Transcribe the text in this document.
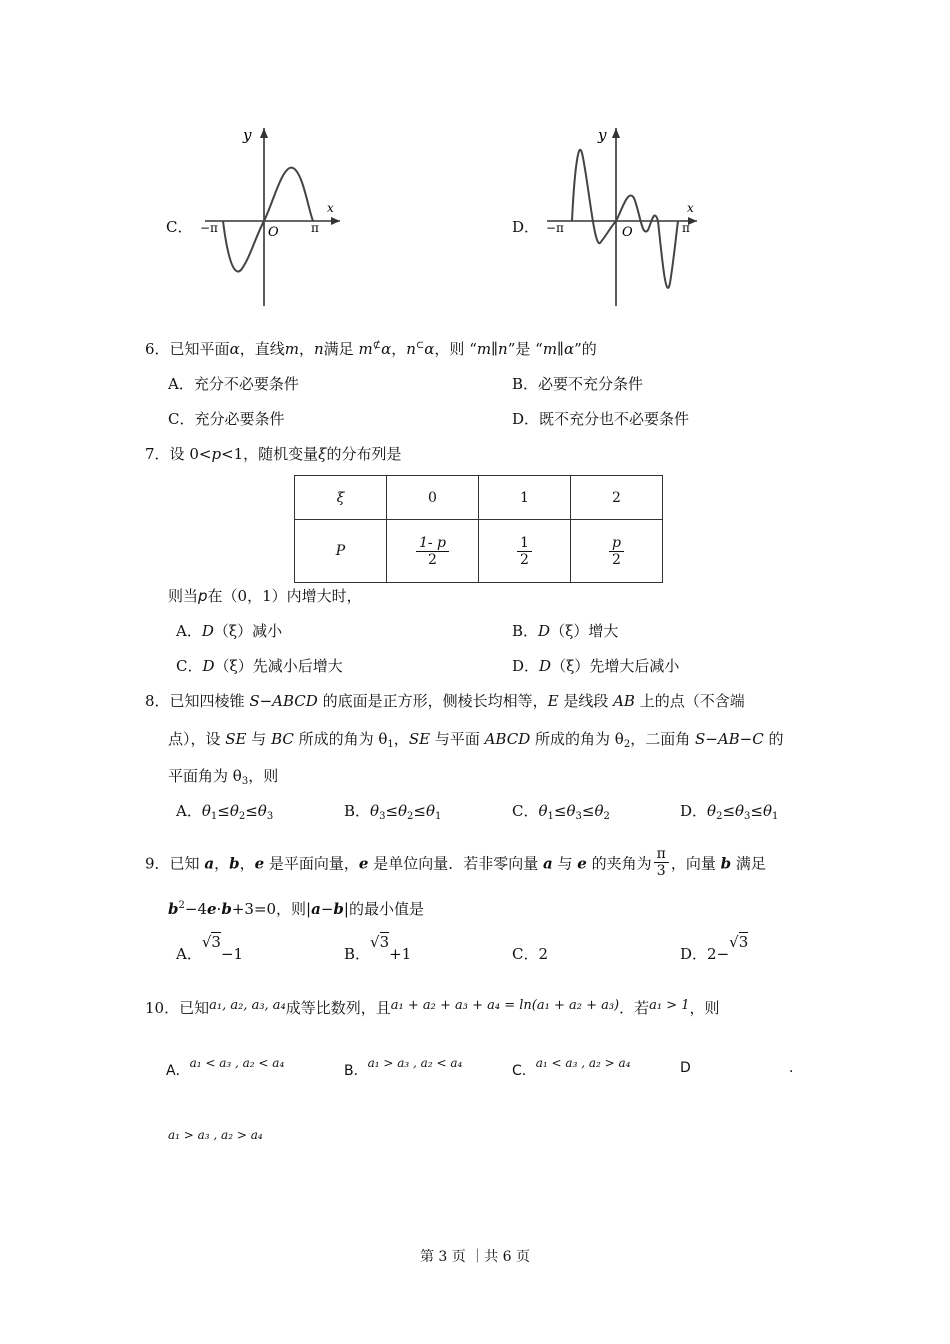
C．
y
x
−π	O	π	D．
y
x
−π	O	π
6．已知平面α，直线m，n满足 m⊄α，n⊂α，则 “m∥n”是 “m∥α”的
A．充分不必要条件	B．必要不充分条件
C．充分必要条件	D．既不充分也不必要条件
7．设 0<p<1，随机变量ξ的分布列是
ξ	0	1	2
P	$\frac{1- p}{2}$	$\frac{1}{2}$	$\frac{p}{2}$
则当p在（0，1）内增大时，
A．D（ξ）减小	B．D（ξ）增大
C．D（ξ）先减小后增大	D．D（ξ）先增大后减小
8．已知四棱锥 S−ABCD 的底面是正方形，侧棱长均相等，E 是线段 AB 上的点（不含端
点），设 SE 与 BC 所成的角为 $\theta_1$，SE 与平面 ABCD 所成的角为 $\theta_2$，二面角 S−AB−C 的
平面角为 $\theta_3$，则
A．$\theta_1\le\theta_2\le\theta_3$	B．$\theta_3\le\theta_2\le\theta_1$	C．$\theta_1\le\theta_3\le\theta_2$	D．$\theta_2\le\theta_3\le\theta_1$
9．已知 a，b，e 是平面向量，e 是单位向量．若非零向量 a 与 e 的夹角为 $\frac{\pi}{3}$ ，向量 b 满足
$b^2-4e\cdot b+3=0$，则|a−b|的最小值是
A．√3−1	B．√3+1	C．2	D．2−√3
10．已知a₁, a₂, a₃, a₄成等比数列，且a₁ + a₂ + a₃ + a₄ = ln(a₁ + a₂ + a₃)．若a₁ > 1，则
A．a₁ < a₃ , a₂ < a₄	B．a₁ > a₃ , a₂ < a₄	C．a₁ < a₃ , a₂ > a₄	D	.
a₁ > a₃ , a₂ > a₄
第 3 页 ｜共 6 页
